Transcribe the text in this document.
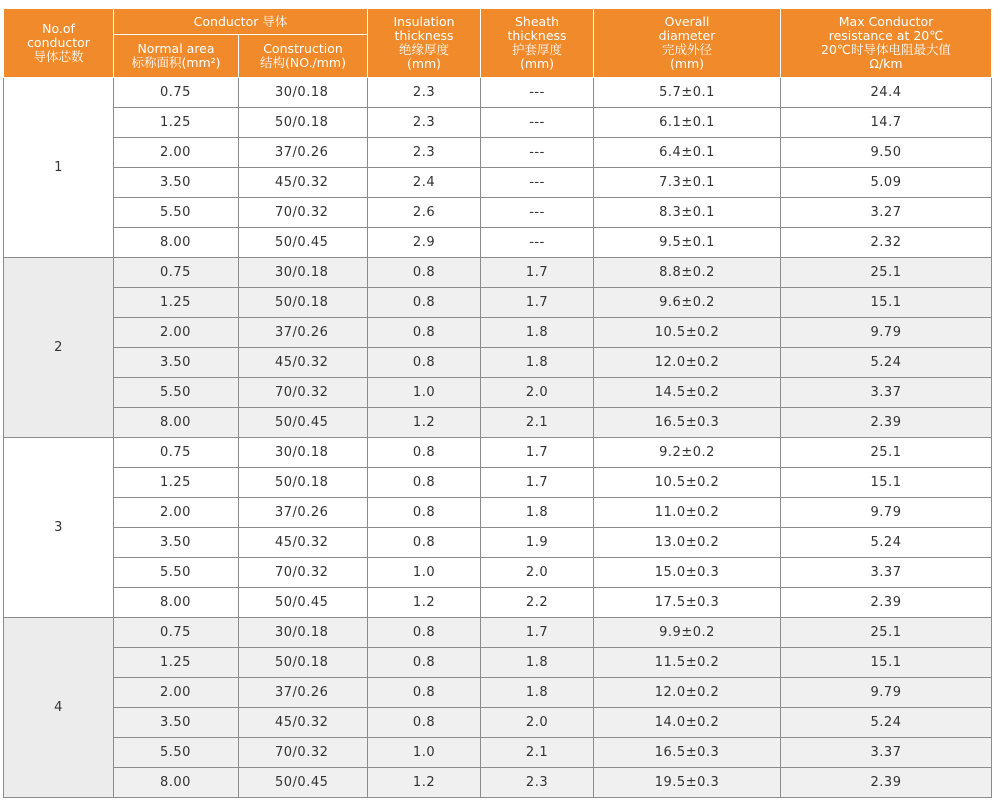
No.of
conductor
导体芯数	Conductor 导体		Insulation
thickness
绝缘厚度
(mm)	Sheath
thickness
护套厚度
(mm)	Overall
diameter
完成外径
(mm)	Max Conductor
resistance at 20℃
20℃时导体电阻最大值
Ω/km

	Normal area
标称面积(mm²)	Construction
结构(NO./mm)				

1	0.75	30/0.18	2.3	---	5.7±0.1	24.4
	1.25	50/0.18	2.3	---	6.1±0.1	14.7
	2.00	37/0.26	2.3	---	6.4±0.1	9.50
	3.50	45/0.32	2.4	---	7.3±0.1	5.09
	5.50	70/0.32	2.6	---	8.3±0.1	3.27
	8.00	50/0.45	2.9	---	9.5±0.1	2.32
2	0.75	30/0.18	0.8	1.7	8.8±0.2	25.1
	1.25	50/0.18	0.8	1.7	9.6±0.2	15.1
	2.00	37/0.26	0.8	1.8	10.5±0.2	9.79
	3.50	45/0.32	0.8	1.8	12.0±0.2	5.24
	5.50	70/0.32	1.0	2.0	14.5±0.2	3.37
	8.00	50/0.45	1.2	2.1	16.5±0.3	2.39
3	0.75	30/0.18	0.8	1.7	9.2±0.2	25.1
	1.25	50/0.18	0.8	1.7	10.5±0.2	15.1
	2.00	37/0.26	0.8	1.8	11.0±0.2	9.79
	3.50	45/0.32	0.8	1.9	13.0±0.2	5.24
	5.50	70/0.32	1.0	2.0	15.0±0.3	3.37
	8.00	50/0.45	1.2	2.2	17.5±0.3	2.39
4	0.75	30/0.18	0.8	1.7	9.9±0.2	25.1
	1.25	50/0.18	0.8	1.8	11.5±0.2	15.1
	2.00	37/0.26	0.8	1.8	12.0±0.2	9.79
	3.50	45/0.32	0.8	2.0	14.0±0.2	5.24
	5.50	70/0.32	1.0	2.1	16.5±0.3	3.37
	8.00	50/0.45	1.2	2.3	19.5±0.3	2.39
